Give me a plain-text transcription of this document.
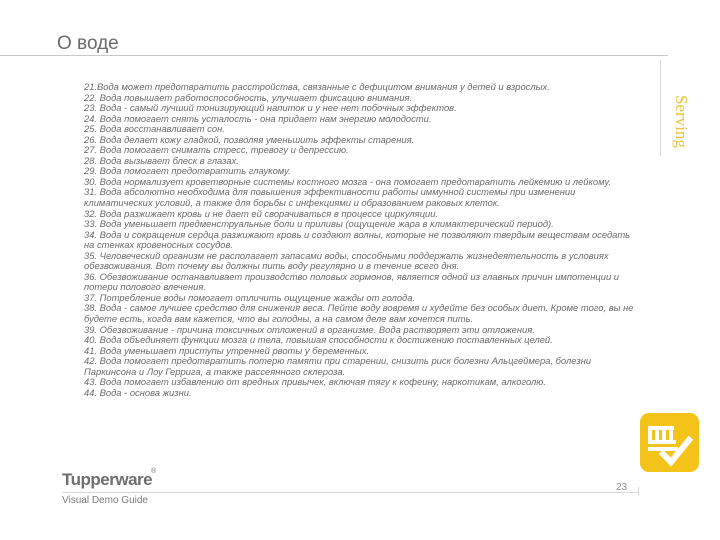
О воде
Serving

21.Вода может предотвратить расстройства, связанные с дефицитом внимания у детей и взрослых.

22. Вода повышает работоспособность, улучшает фиксацию внимания.

23. Вода - самый лучший тонизирующий напиток и у нее нет побочных эффектов.

24. Вода помогает снять усталость - она придает нам энергию молодости.

25. Вода восстанавливает сон.

26. Вода делает кожу гладкой, позволяя уменьшить эффекты старения.

27. Вода помогает снимать стресс, тревогу и депрессию.

28. Вода вызывает блеск в глазах.

29. Вода помогает предотвратить глаукому.

30. Вода нормализует кроветворные системы костного мозга - она помогает предотвратить лейкемию и лейкому.

31. Вода абсолютно необходима для повышения эффективности работы иммунной системы при изменении климатических условий, а также для борьбы с инфекциями и образованием раковых клеток.

32. Вода разжижает кровь и не дает ей сворачиваться в процессе циркуляции.

33. Вода уменьшает предменструальные боли и приливы (ощущение жара в климактерический период).

34. Вода и сокращения сердца разжижают кровь и создают волны, которые не позволяют твердым веществам оседать на стенках кровеносных сосудов.

35. Человеческий организм не располагает запасами воды, способными поддержать жизнедеятельность в условиях обезвоживания. Вот почему вы должны пить воду регулярно и в течение всего дня.

36. Обезвоживание останавливает производство половых гормонов, является одной из главных причин импотенции и потери полового влечения.

37. Потребление воды помогает отличить ощущение жажды от голода.

38. Вода - самое лучшее средство для снижения веса. Пейте воду вовремя и худейте без особых диет. Кроме того, вы не будете есть, когда вам кажется, что вы голодны, а на самом деле вам хочется пить.

39. Обезвоживание - причина токсичных отложений в организме. Вода растворяет эти отложения.

40. Вода объединяет функции мозга и тела, повышая способности к достижению поставленных целей.

41. Вода уменьшает приступы утренней рвоты у беременных.

42. Вода помогает предотвратить потерю памяти при старении, снизить риск болезни Альцгеймера, болезни Паркинсона и Лоу Геррига, а также рассеянного склероза.

43. Вода помогает избавлению от вредных привычек, включая тягу к кофеину, наркотикам, алкоголю.

44. Вода - основа жизни.

Tupperware
®
Visual Demo Guide
23
